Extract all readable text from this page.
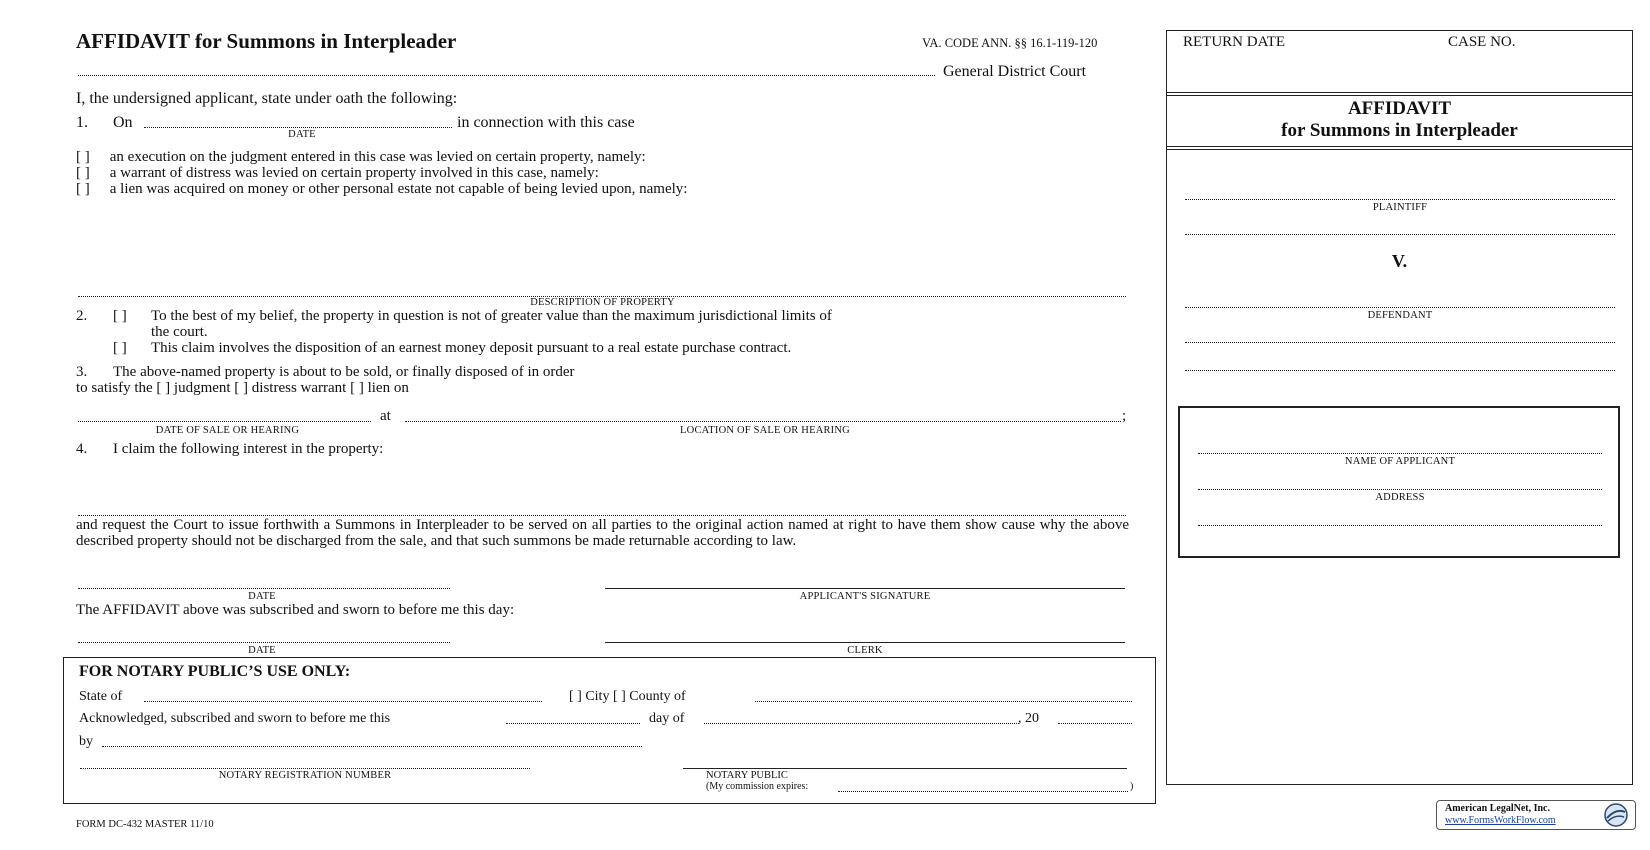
AFFIDAVIT for Summons in Interpleader	VA. CODE ANN. §§ 16.1-119-120
General District Court
I, the undersigned applicant, state under oath the following:
1. On	in connection with this case
DATE
[ ] an execution on the judgment entered in this case was levied on certain property, namely:
[ ] a warrant of distress was levied on certain property involved in this case, namely:
[ ] a lien was acquired on money or other personal estate not capable of being levied upon, namely:
DESCRIPTION OF PROPERTY
2. [ ] To the best of my belief, the property in question is not of greater value than the maximum jurisdictional limits of
the court.
[ ] This claim involves the disposition of an earnest money deposit pursuant to a real estate purchase contract.
3. The above-named property is about to be sold, or finally disposed of in order
to satisfy the [ ] judgment [ ] distress warrant [ ] lien on
at	;
DATE OF SALE OR HEARING	LOCATION OF SALE OR HEARING
4. I claim the following interest in the property:
and request the Court to issue forthwith a Summons in Interpleader to be served on all parties to the original action named at right to have them show cause why the above described property should not be discharged from the sale, and that such summons be made returnable according to law.
DATE	APPLICANT'S SIGNATURE
The AFFIDAVIT above was subscribed and sworn to before me this day:
DATE	CLERK
FOR NOTARY PUBLIC’S USE ONLY:
State of	[ ] City [ ] County of
Acknowledged, subscribed and sworn to before me this	day of	, 20
by
NOTARY REGISTRATION NUMBER	NOTARY PUBLIC
(My commission expires:	)
FORM DC-432 MASTER 11/10
American LegalNet, Inc.
www.FormsWorkFlow.com
RETURN DATE	CASE NO.
AFFIDAVIT
for Summons in Interpleader
PLAINTIFF
V.
DEFENDANT
NAME OF APPLICANT
ADDRESS
